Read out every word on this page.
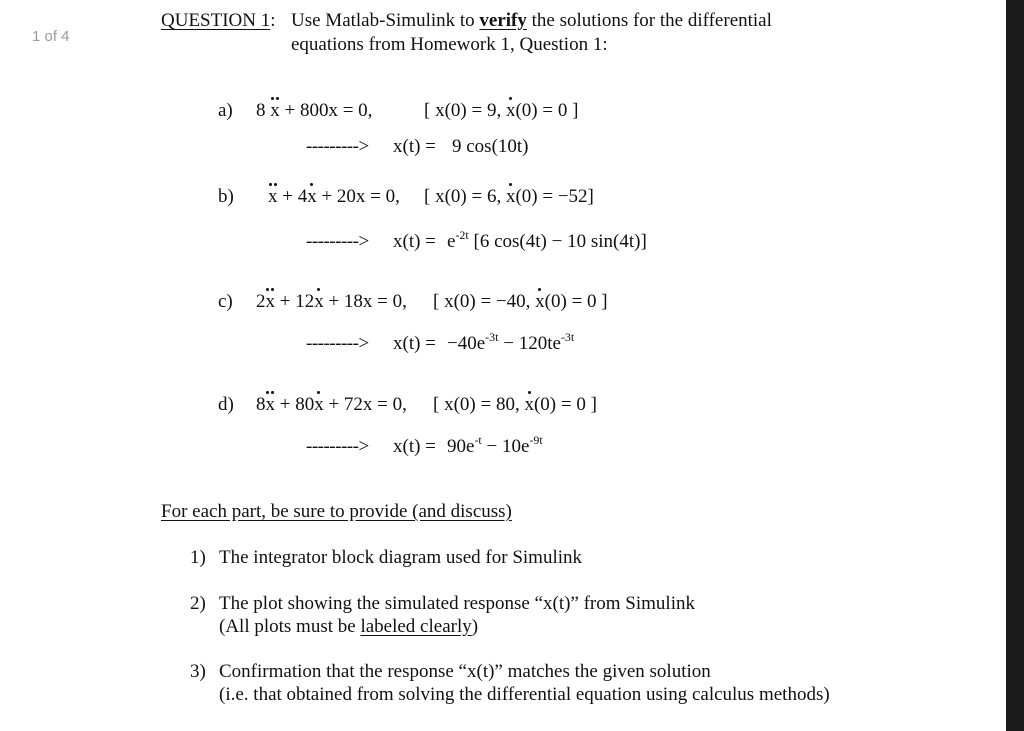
1 of 4
QUESTION 1: Use Matlab-Simulink to verify the solutions for the differential
equations from Homework 1, Question 1:
a) 8 x + 800x = 0,	[ x(0) = 9, x(0) = 0 ]
---------> x(t) = 9 cos(10t)
b) x + 4x + 20x = 0, [ x(0) = 6, x(0) = −52]
---------> $x(t) = e^{-2t}$ [6 cos(4t) − 10 sin(4t)]
c) 2x + 12x + 18x = 0, [ x(0) = −40, x(0) = 0 ]
---------> $x(t) = -40e^{-3t} - 120te^{-3t}$
d) 8x + 80x + 72x = 0, [ x(0) = 80, x(0) = 0 ]
---------> $x(t) = 90e^{-t} - 10e^{-9t}$
For each part, be sure to provide (and discuss)
1) The integrator block diagram used for Simulink
2) The plot showing the simulated response “x(t)” from Simulink
(All plots must be labeled clearly)
3) Confirmation that the response “x(t)” matches the given solution
(i.e. that obtained from solving the differential equation using calculus methods)
